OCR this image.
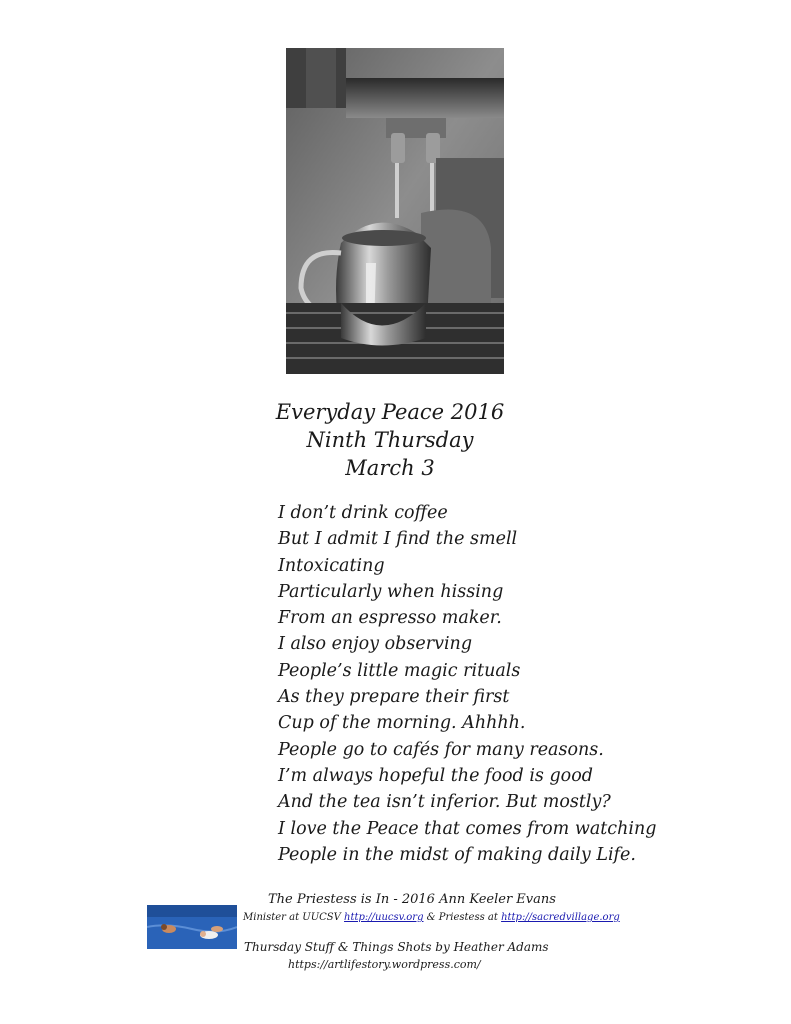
Everyday Peace 2016
Ninth Thursday
March 3
I don’t drink coffee
But I admit I find the smell
Intoxicating
Particularly when hissing
From an espresso maker.
I also enjoy observing
People’s little magic rituals
As they prepare their first
Cup of the morning. Ahhhh.
People go to cafés for many reasons.
I’m always hopeful the food is good
And the tea isn’t inferior. But mostly?
I love the Peace that comes from watching
People in the midst of making daily Life.
The Priestess is In - 2016 Ann Keeler Evans
Minister at UUCSV http://uucsv.org & Priestess at http://sacredvillage.org
Thursday Stuff & Things Shots by Heather Adams
https://artlifestory.wordpress.com/
